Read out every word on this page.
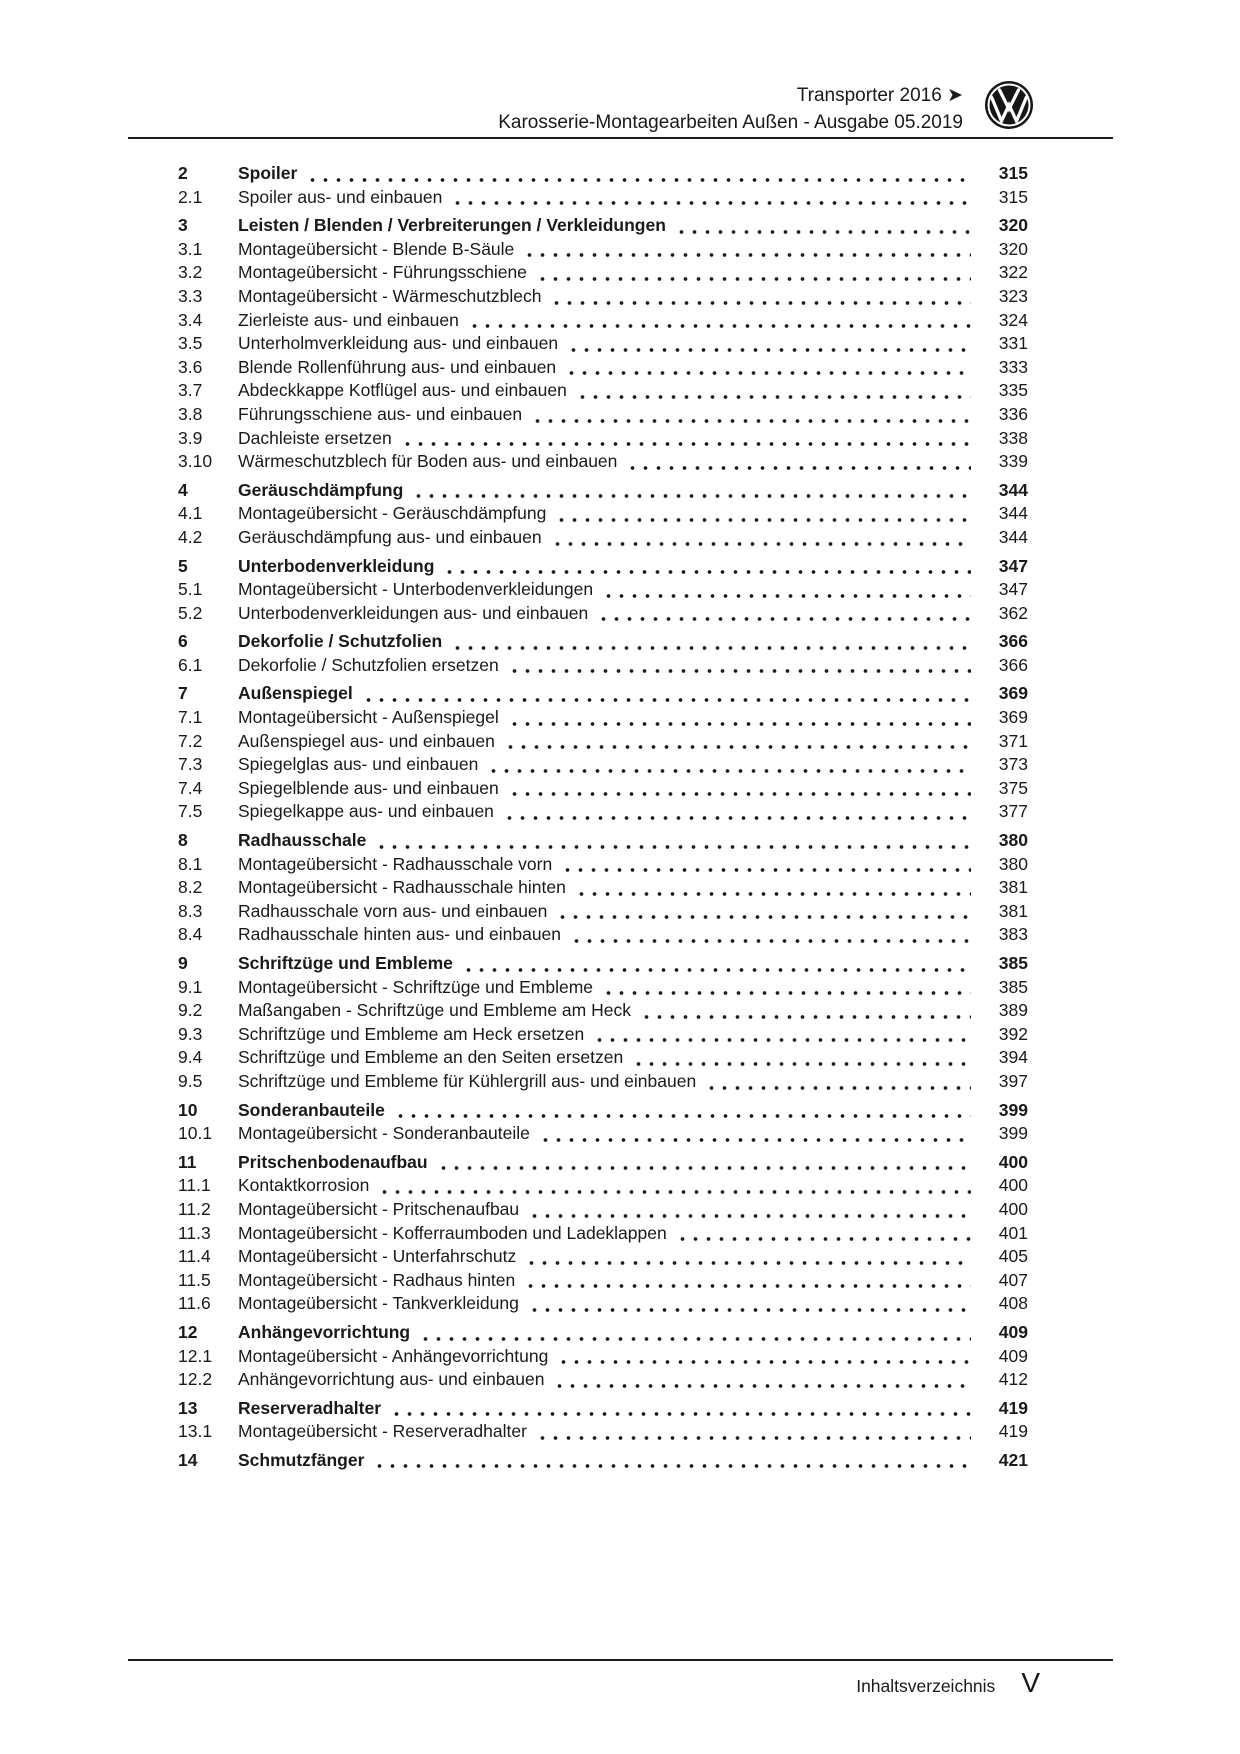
Transporter 2016 ➤
Karosserie-Montagearbeiten Außen - Ausgabe 05.2019
2	Spoiler	315
2.1	Spoiler aus- und einbauen	315
3	Leisten / Blenden / Verbreiterungen / Verkleidungen	320
3.1	Montageübersicht - Blende B-Säule	320
3.2	Montageübersicht - Führungsschiene	322
3.3	Montageübersicht - Wärmeschutzblech	323
3.4	Zierleiste aus- und einbauen	324
3.5	Unterholmverkleidung aus- und einbauen	331
3.6	Blende Rollenführung aus- und einbauen	333
3.7	Abdeckkappe Kotflügel aus- und einbauen	335
3.8	Führungsschiene aus- und einbauen	336
3.9	Dachleiste ersetzen	338
3.10	Wärmeschutzblech für Boden aus- und einbauen	339
4	Geräuschdämpfung	344
4.1	Montageübersicht - Geräuschdämpfung	344
4.2	Geräuschdämpfung aus- und einbauen	344
5	Unterbodenverkleidung	347
5.1	Montageübersicht - Unterbodenverkleidungen	347
5.2	Unterbodenverkleidungen aus- und einbauen	362
6	Dekorfolie / Schutzfolien	366
6.1	Dekorfolie / Schutzfolien ersetzen	366
7	Außenspiegel	369
7.1	Montageübersicht - Außenspiegel	369
7.2	Außenspiegel aus- und einbauen	371
7.3	Spiegelglas aus- und einbauen	373
7.4	Spiegelblende aus- und einbauen	375
7.5	Spiegelkappe aus- und einbauen	377
8	Radhausschale	380
8.1	Montageübersicht - Radhausschale vorn	380
8.2	Montageübersicht - Radhausschale hinten	381
8.3	Radhausschale vorn aus- und einbauen	381
8.4	Radhausschale hinten aus- und einbauen	383
9	Schriftzüge und Embleme	385
9.1	Montageübersicht - Schriftzüge und Embleme	385
9.2	Maßangaben - Schriftzüge und Embleme am Heck	389
9.3	Schriftzüge und Embleme am Heck ersetzen	392
9.4	Schriftzüge und Embleme an den Seiten ersetzen	394
9.5	Schriftzüge und Embleme für Kühlergrill aus- und einbauen	397
10	Sonderanbauteile	399
10.1	Montageübersicht - Sonderanbauteile	399
11	Pritschenbodenaufbau	400
11.1	Kontaktkorrosion	400
11.2	Montageübersicht - Pritschenaufbau	400
11.3	Montageübersicht - Kofferraumboden und Ladeklappen	401
11.4	Montageübersicht - Unterfahrschutz	405
11.5	Montageübersicht - Radhaus hinten	407
11.6	Montageübersicht - Tankverkleidung	408
12	Anhängevorrichtung	409
12.1	Montageübersicht - Anhängevorrichtung	409
12.2	Anhängevorrichtung aus- und einbauen	412
13	Reserveradhalter	419
13.1	Montageübersicht - Reserveradhalter	419
14	Schmutzfänger	421
Inhaltsverzeichnis V
